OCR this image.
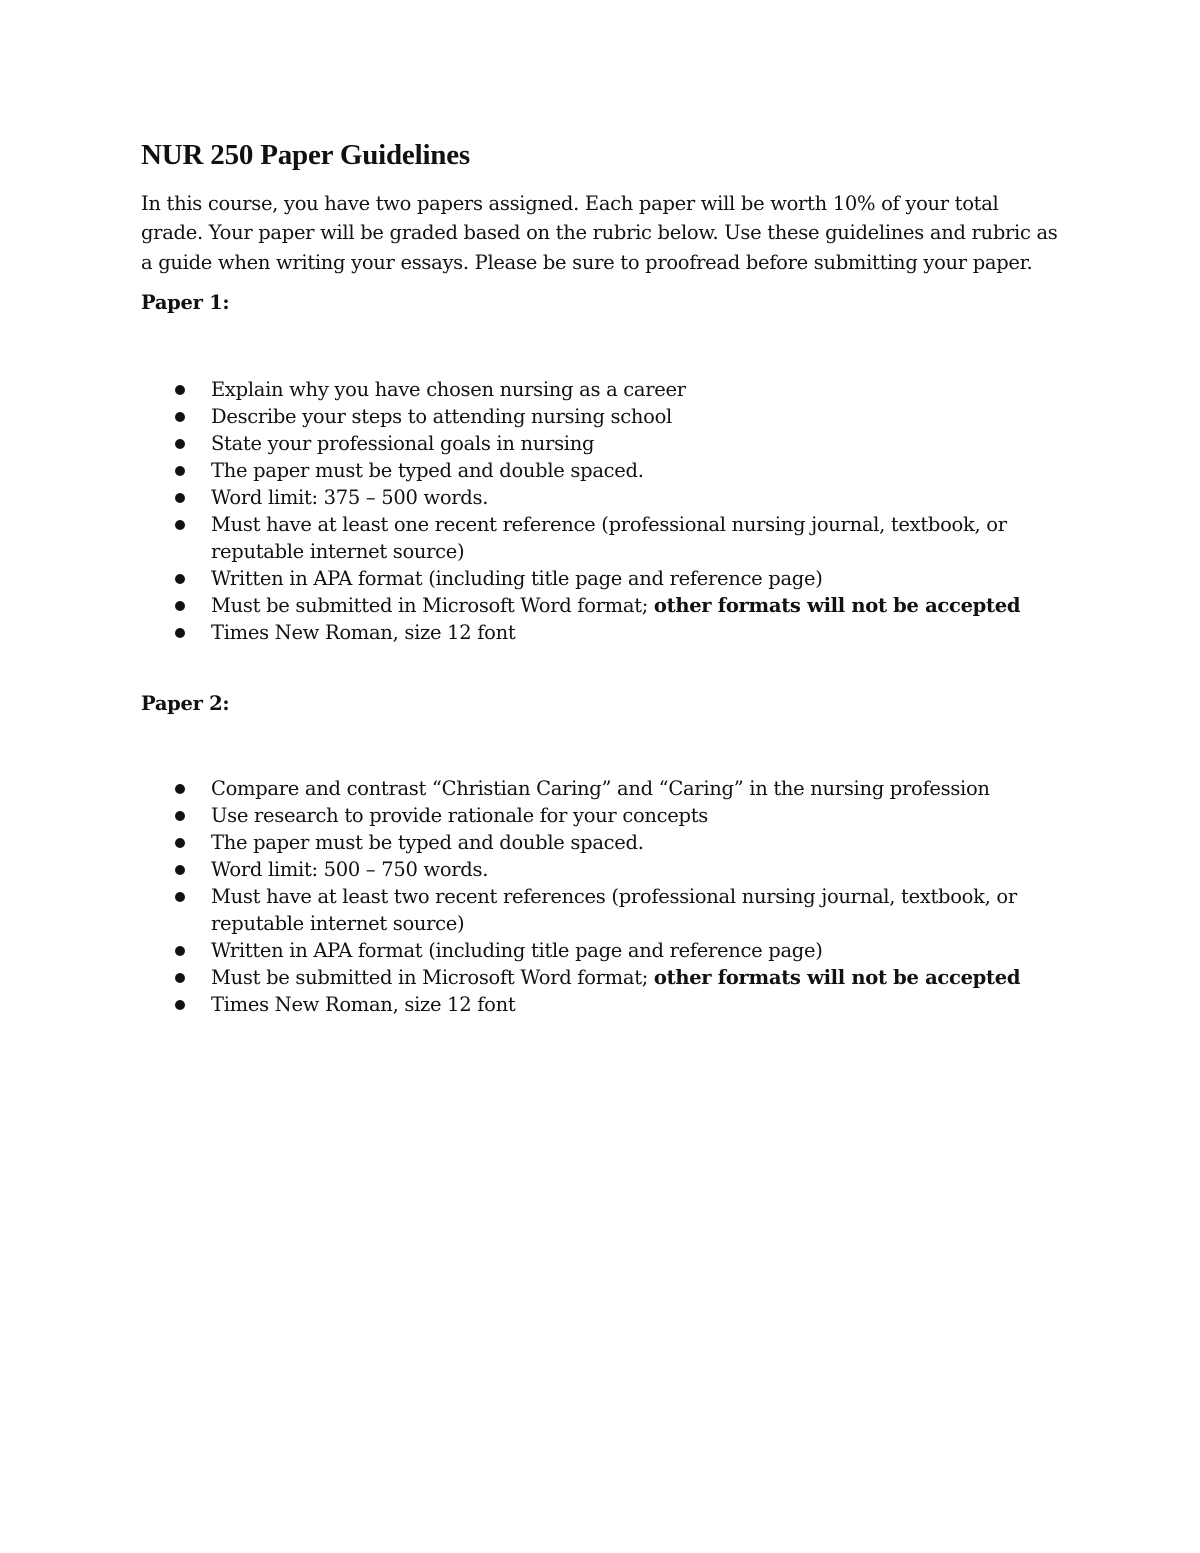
NUR 250 Paper Guidelines

In this course, you have two papers assigned. Each paper will be worth 10% of your total grade. Your paper will be graded based on the rubric below. Use these guidelines and rubric as a guide when writing your essays. Please be sure to proofread before submitting your paper.

Paper 1:
Explain why you have chosen nursing as a career
Describe your steps to attending nursing school
State your professional goals in nursing
The paper must be typed and double spaced.
Word limit: 375 – 500 words.
Must have at least one recent reference (professional nursing journal, textbook, or reputable internet source)
Written in APA format (including title page and reference page)
Must be submitted in Microsoft Word format; other formats will not be accepted
Times New Roman, size 12 font
Paper 2:
Compare and contrast “Christian Caring” and “Caring” in the nursing profession
Use research to provide rationale for your concepts
The paper must be typed and double spaced.
Word limit: 500 – 750 words.
Must have at least two recent references (professional nursing journal, textbook, or reputable internet source)
Written in APA format (including title page and reference page)
Must be submitted in Microsoft Word format; other formats will not be accepted
Times New Roman, size 12 font
